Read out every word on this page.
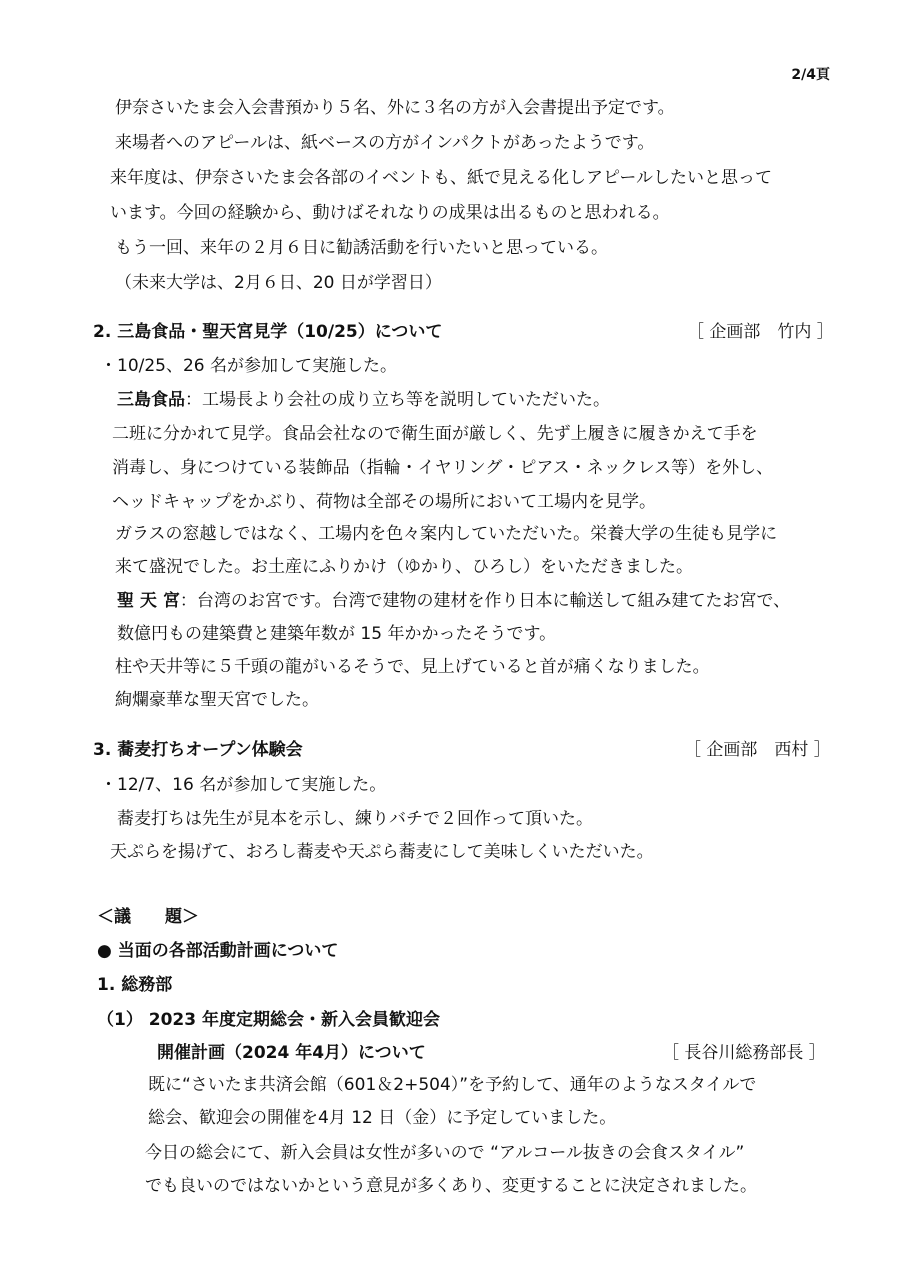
2/4頁
伊奈さいたま会入会書預かり５名、外に３名の方が入会書提出予定です。
来場者へのアピールは、紙ベースの方がインパクトがあったようです。
来年度は、伊奈さいたま会各部のイベントも、紙で見える化しアピールしたいと思って
います。今回の経験から、動けばそれなりの成果は出るものと思われる。
もう一回、来年の２月６日に勧誘活動を行いたいと思っている。
（未来大学は、2月６日、20 日が学習日）
2. 三島食品・聖天宮見学（10/25）について	［ 企画部　竹内 ］
・10/25、26 名が参加して実施した。
三島食品：工場長より会社の成り立ち等を説明していただいた。
二班に分かれて見学。食品会社なので衛生面が厳しく、先ず上履きに履きかえて手を
消毒し、身につけている装飾品（指輪・イヤリング・ピアス・ネックレス等）を外し、
ヘッドキャップをかぶり、荷物は全部その場所において工場内を見学。
ガラスの窓越しではなく、工場内を色々案内していただいた。栄養大学の生徒も見学に
来て盛況でした。お土産にふりかけ（ゆかり、ひろし）をいただきました。
聖 天 宮：台湾のお宮です。台湾で建物の建材を作り日本に輸送して組み建てたお宮で、
数億円もの建築費と建築年数が 15 年かかったそうです。
柱や天井等に５千頭の龍がいるそうで、見上げていると首が痛くなりました。
絢爛豪華な聖天宮でした。
3. 蕎麦打ちオープン体験会	［ 企画部　西村 ］
・12/7、16 名が参加して実施した。
蕎麦打ちは先生が見本を示し、練りバチで２回作って頂いた。
天ぷらを揚げて、おろし蕎麦や天ぷら蕎麦にして美味しくいただいた。
＜議　　題＞
● 当面の各部活動計画について
1. 総務部
（1） 2023 年度定期総会・新入会員歓迎会
開催計画（2024 年4月）について	［ 長谷川総務部長 ］
既に“さいたま共済会館（601＆2+504）”を予約して、通年のようなスタイルで
総会、歓迎会の開催を4月 12 日（金）に予定していました。
今日の総会にて、新入会員は女性が多いので “アルコール抜きの会食スタイル”
でも良いのではないかという意見が多くあり、変更することに決定されました。
